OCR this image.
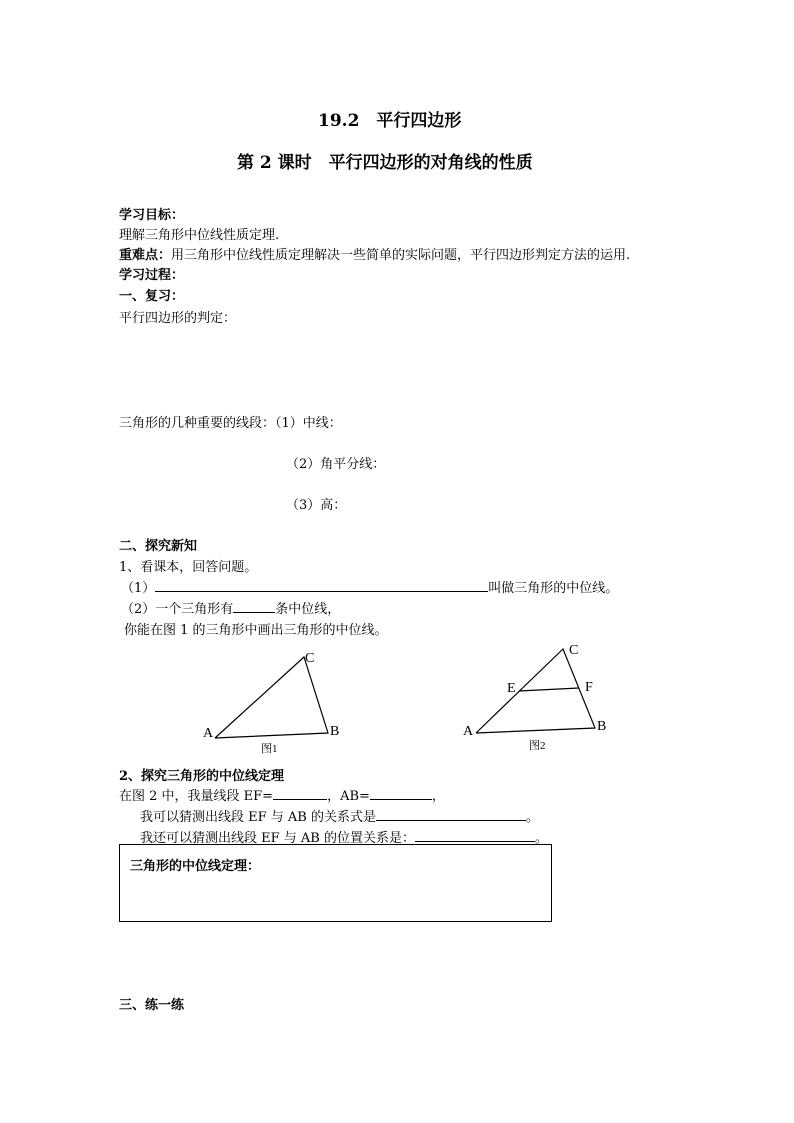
19.2　平行四边形
第 2 课时　平行四边形的对角线的性质
学习目标：
理解三角形中位线性质定理.
重难点：用三角形中位线性质定理解决一些简单的实际问题，平行四边形判定方法的运用.
学习过程：
一、复习：
平行四边形的判定：
三角形的几种重要的线段：（1）中线：
（2）角平分线：
（3）高：
二、探究新知
1、看课本，回答问题。
（1）	叫做三角形的中位线。
（2）一个三角形有	条中位线，
你能在图 1 的三角形中画出三角形的中位线。
A	B
C
图1
A	B
C
E	F
图2
2、探究三角形的中位线定理
在图 2 中，我量线段 EF=	，AB=	，
我可以猜测出线段 EF 与 AB 的关系式是	。
我还可以猜测出线段 EF 与 AB 的位置关系是：	。
三角形的中位线定理：
三、练一练
